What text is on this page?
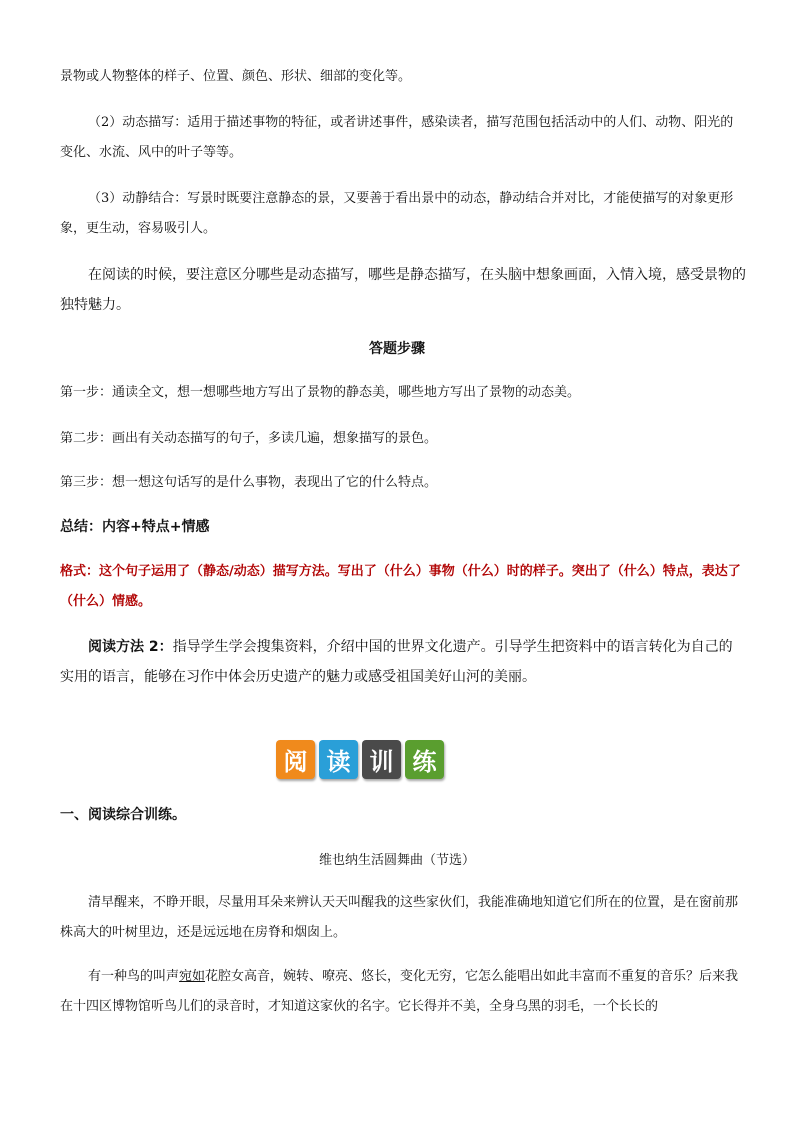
景物或人物整体的样子、位置、颜色、形状、细部的变化等。

（2）动态描写：适用于描述事物的特征，或者讲述事件，感染读者，描写范围包括活动中的人们、动物、阳光的变化、水流、风中的叶子等等。

（3）动静结合：写景时既要注意静态的景，又要善于看出景中的动态，静动结合并对比，才能使描写的对象更形象，更生动，容易吸引人。

在阅读的时候，要注意区分哪些是动态描写，哪些是静态描写，在头脑中想象画面，入情入境，感受景物的独特魅力。

答题步骤

第一步：通读全文，想一想哪些地方写出了景物的静态美，哪些地方写出了景物的动态美。

第二步：画出有关动态描写的句子，多读几遍，想象描写的景色。

第三步：想一想这句话写的是什么事物，表现出了它的什么特点。

总结：内容+特点+情感

格式：这个句子运用了（静态/动态）描写方法。写出了（什么）事物（什么）时的样子。突出了（什么）特点，表达了（什么）情感。

阅读方法 2：指导学生学会搜集资料，介绍中国的世界文化遗产。引导学生把资料中的语言转化为自己的实用的语言，能够在习作中体会历史遗产的魅力或感受祖国美好山河的美丽。

阅 读 训 练

一、阅读综合训练。

维也纳生活圆舞曲（节选）

清早醒来，不睁开眼，尽量用耳朵来辨认天天叫醒我的这些家伙们，我能准确地知道它们所在的位置，是在窗前那株高大的叶树里边，还是远远地在房脊和烟囱上。

有一种鸟的叫声宛如花腔女高音，婉转、嘹亮、悠长，变化无穷，它怎么能唱出如此丰富而不重复的音乐？后来我在十四区博物馆听鸟儿们的录音时，才知道这家伙的名字。它长得并不美，全身乌黑的羽毛，一个长长的
